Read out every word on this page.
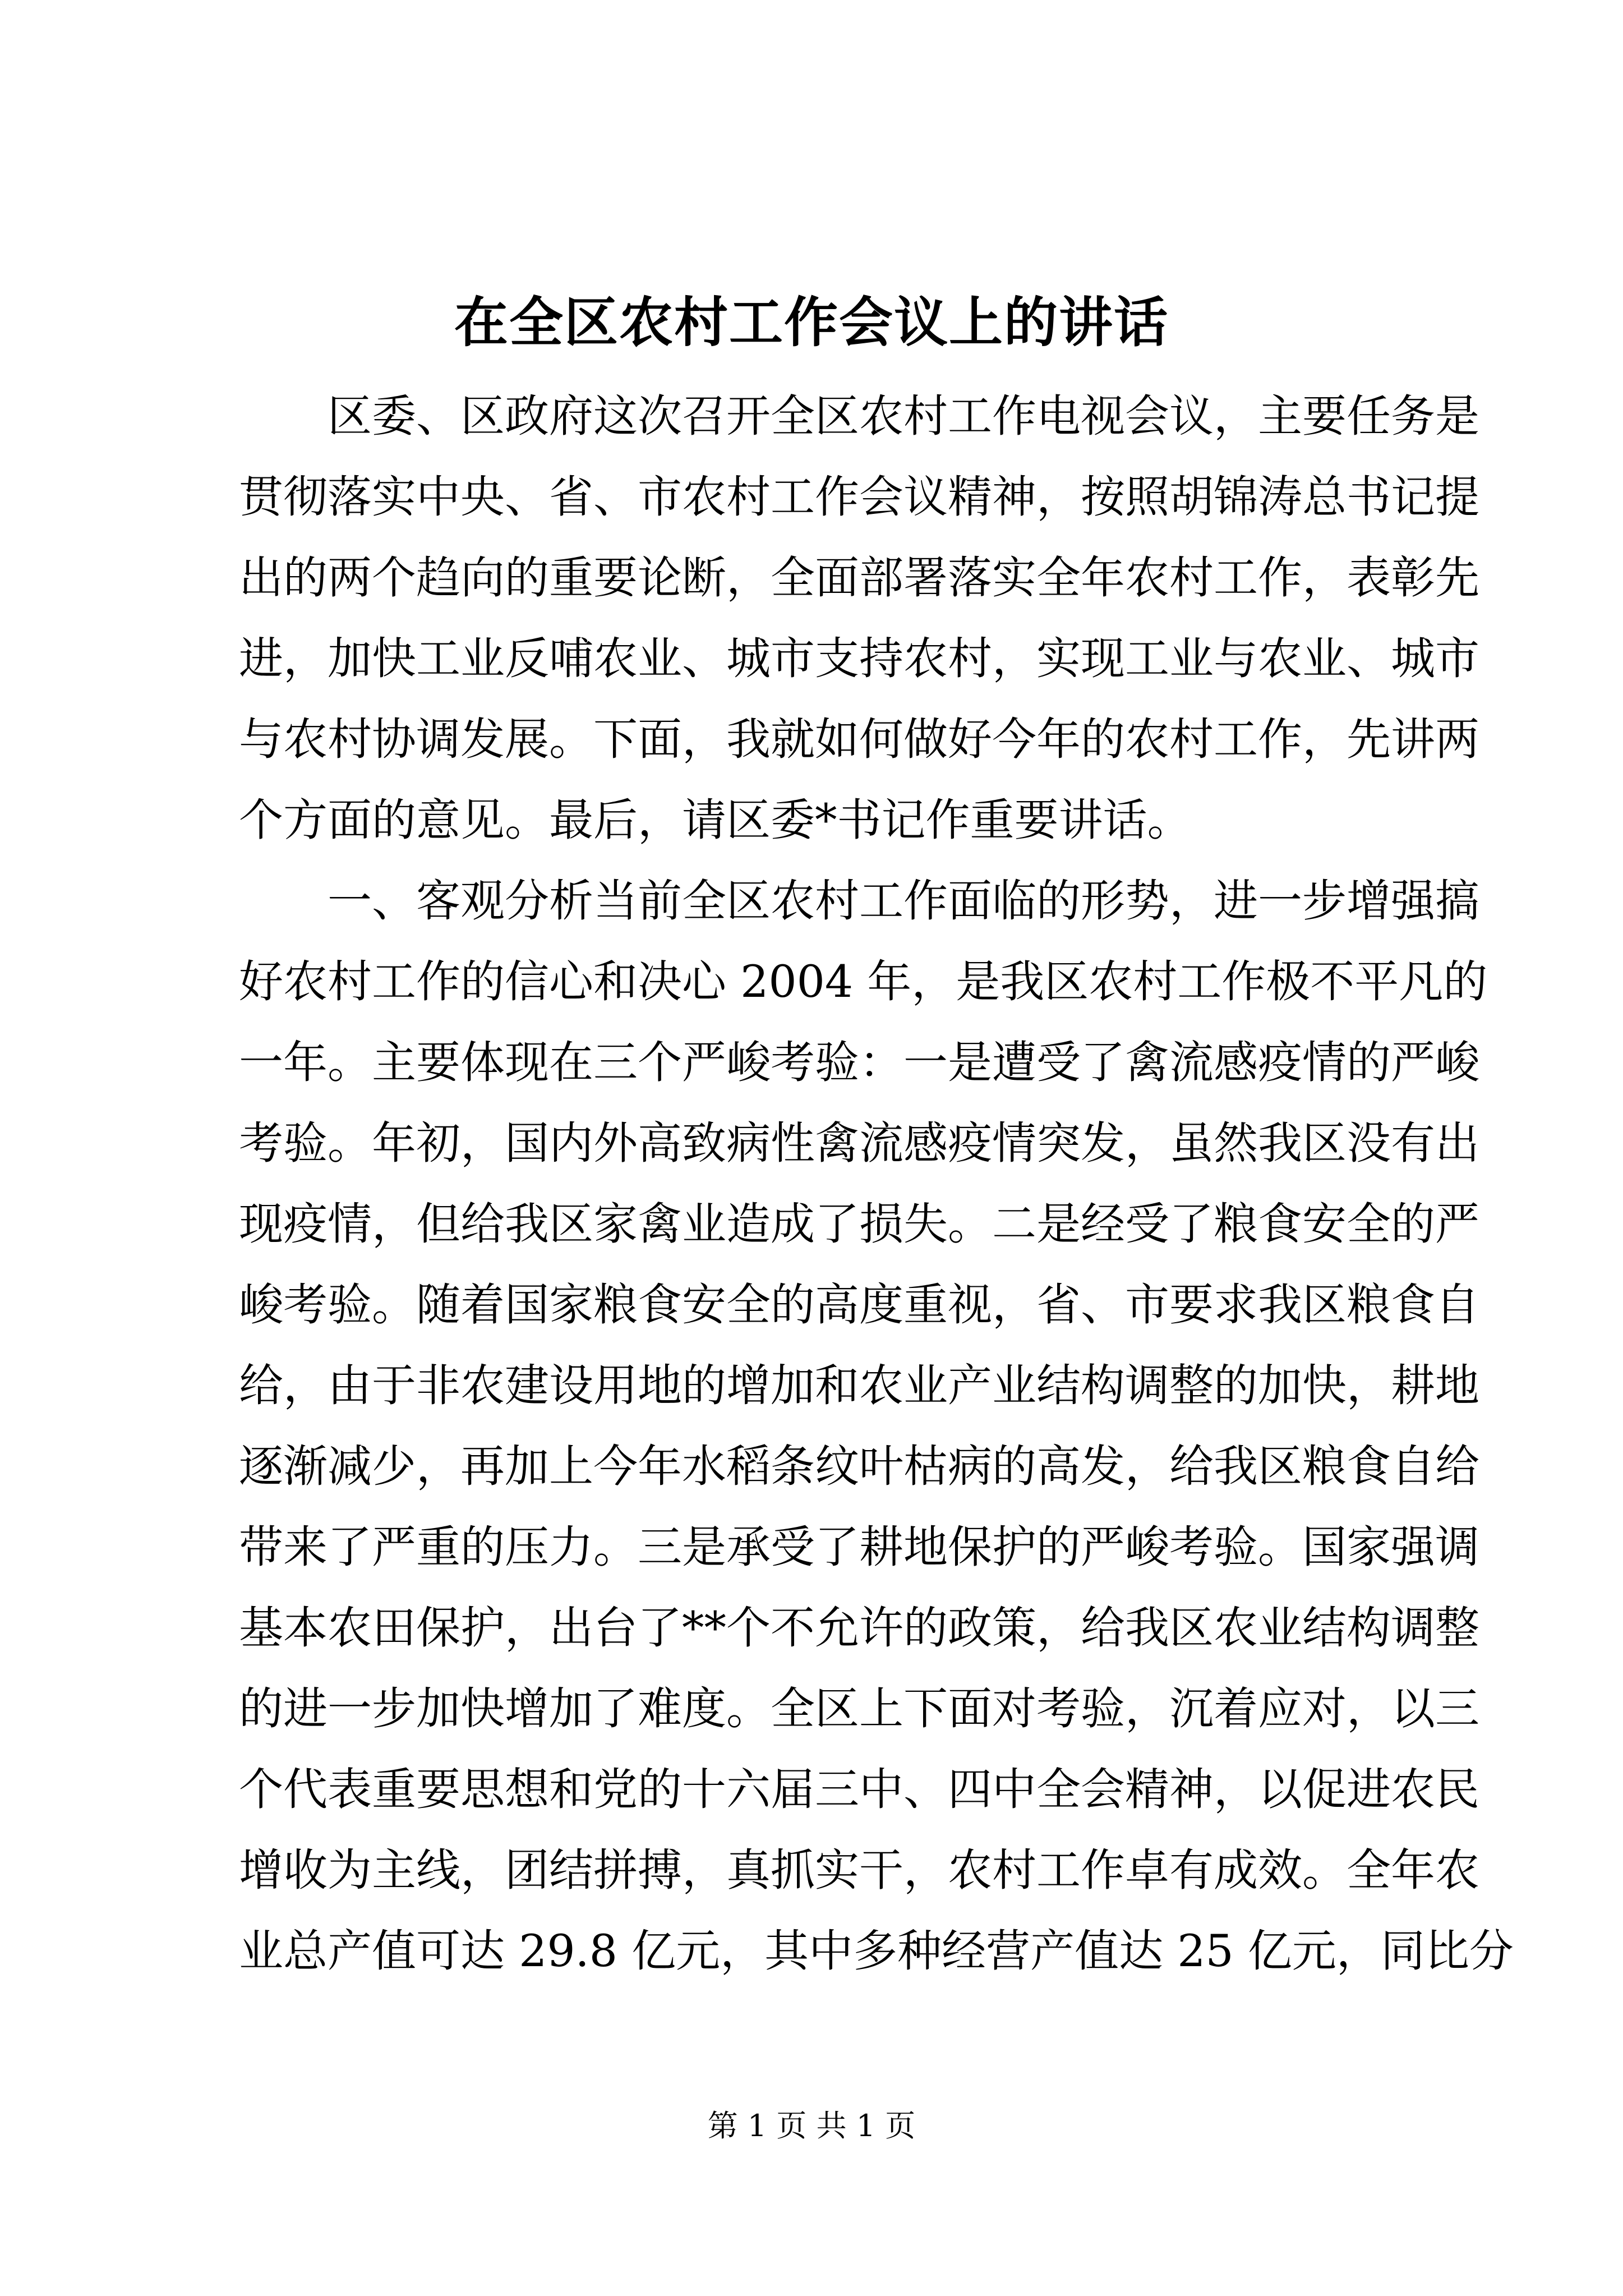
在全区农村工作会议上的讲话
区委、区政府这次召开全区农村工作电视会议，主要任务是
贯彻落实中央、省、市农村工作会议精神，按照胡锦涛总书记提
出的两个趋向的重要论断，全面部署落实全年农村工作，表彰先
进，加快工业反哺农业、城市支持农村，实现工业与农业、城市
与农村协调发展。下面，我就如何做好今年的农村工作，先讲两
个方面的意见。最后，请区委*书记作重要讲话。
一、客观分析当前全区农村工作面临的形势，进一步增强搞
好农村工作的信心和决心 2004 年，是我区农村工作极不平凡的
一年。主要体现在三个严峻考验：一是遭受了禽流感疫情的严峻
考验。年初，国内外高致病性禽流感疫情突发，虽然我区没有出
现疫情，但给我区家禽业造成了损失。二是经受了粮食安全的严
峻考验。随着国家粮食安全的高度重视，省、市要求我区粮食自
给，由于非农建设用地的增加和农业产业结构调整的加快，耕地
逐渐减少，再加上今年水稻条纹叶枯病的高发，给我区粮食自给
带来了严重的压力。三是承受了耕地保护的严峻考验。国家强调
基本农田保护，出台了**个不允许的政策，给我区农业结构调整
的进一步加快增加了难度。全区上下面对考验，沉着应对，以三
个代表重要思想和党的十六届三中、四中全会精神，以促进农民
增收为主线，团结拼搏，真抓实干，农村工作卓有成效。全年农
业总产值可达 29.8 亿元，其中多种经营产值达 25 亿元，同比分
第 1 页 共 1 页
